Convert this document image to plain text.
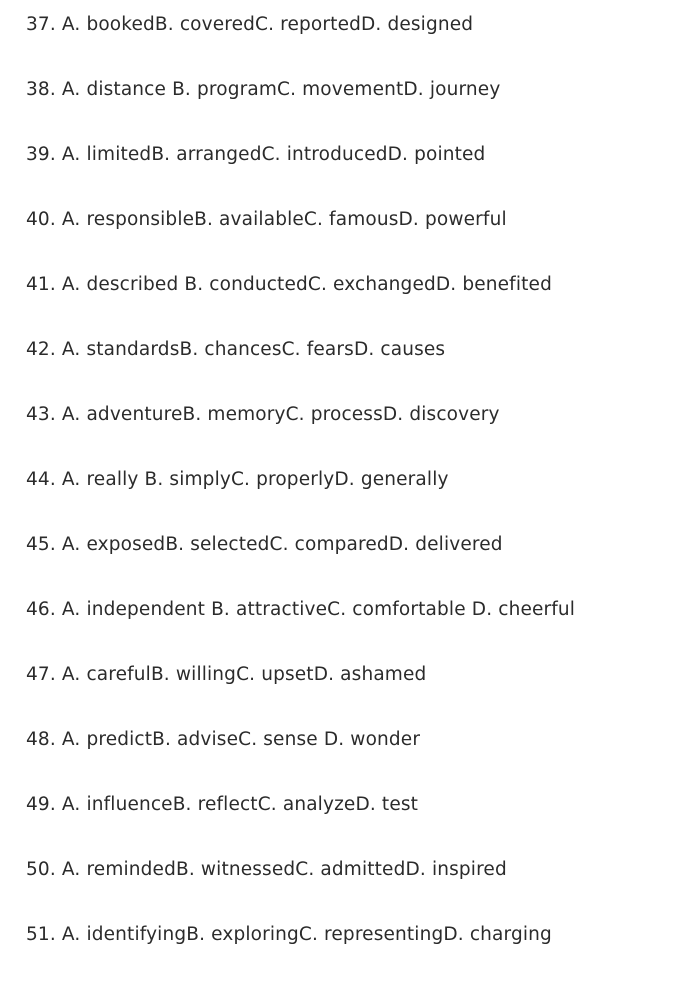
37. A. bookedB. coveredC. reportedD. designed
38. A. distance B. programC. movementD. journey
39. A. limitedB. arrangedC. introducedD. pointed
40. A. responsibleB. availableC. famousD. powerful
41. A. described B. conductedC. exchangedD. benefited
42. A. standardsB. chancesC. fearsD. causes
43. A. adventureB. memoryC. processD. discovery
44. A. really B. simplyC. properlyD. generally
45. A. exposedB. selectedC. comparedD. delivered
46. A. independent B. attractiveC. comfortable D. cheerful
47. A. carefulB. willingC. upsetD. ashamed
48. A. predictB. adviseC. sense D. wonder
49. A. influenceB. reflectC. analyzeD. test
50. A. remindedB. witnessedC. admittedD. inspired
51. A. identifyingB. exploringC. representingD. charging
